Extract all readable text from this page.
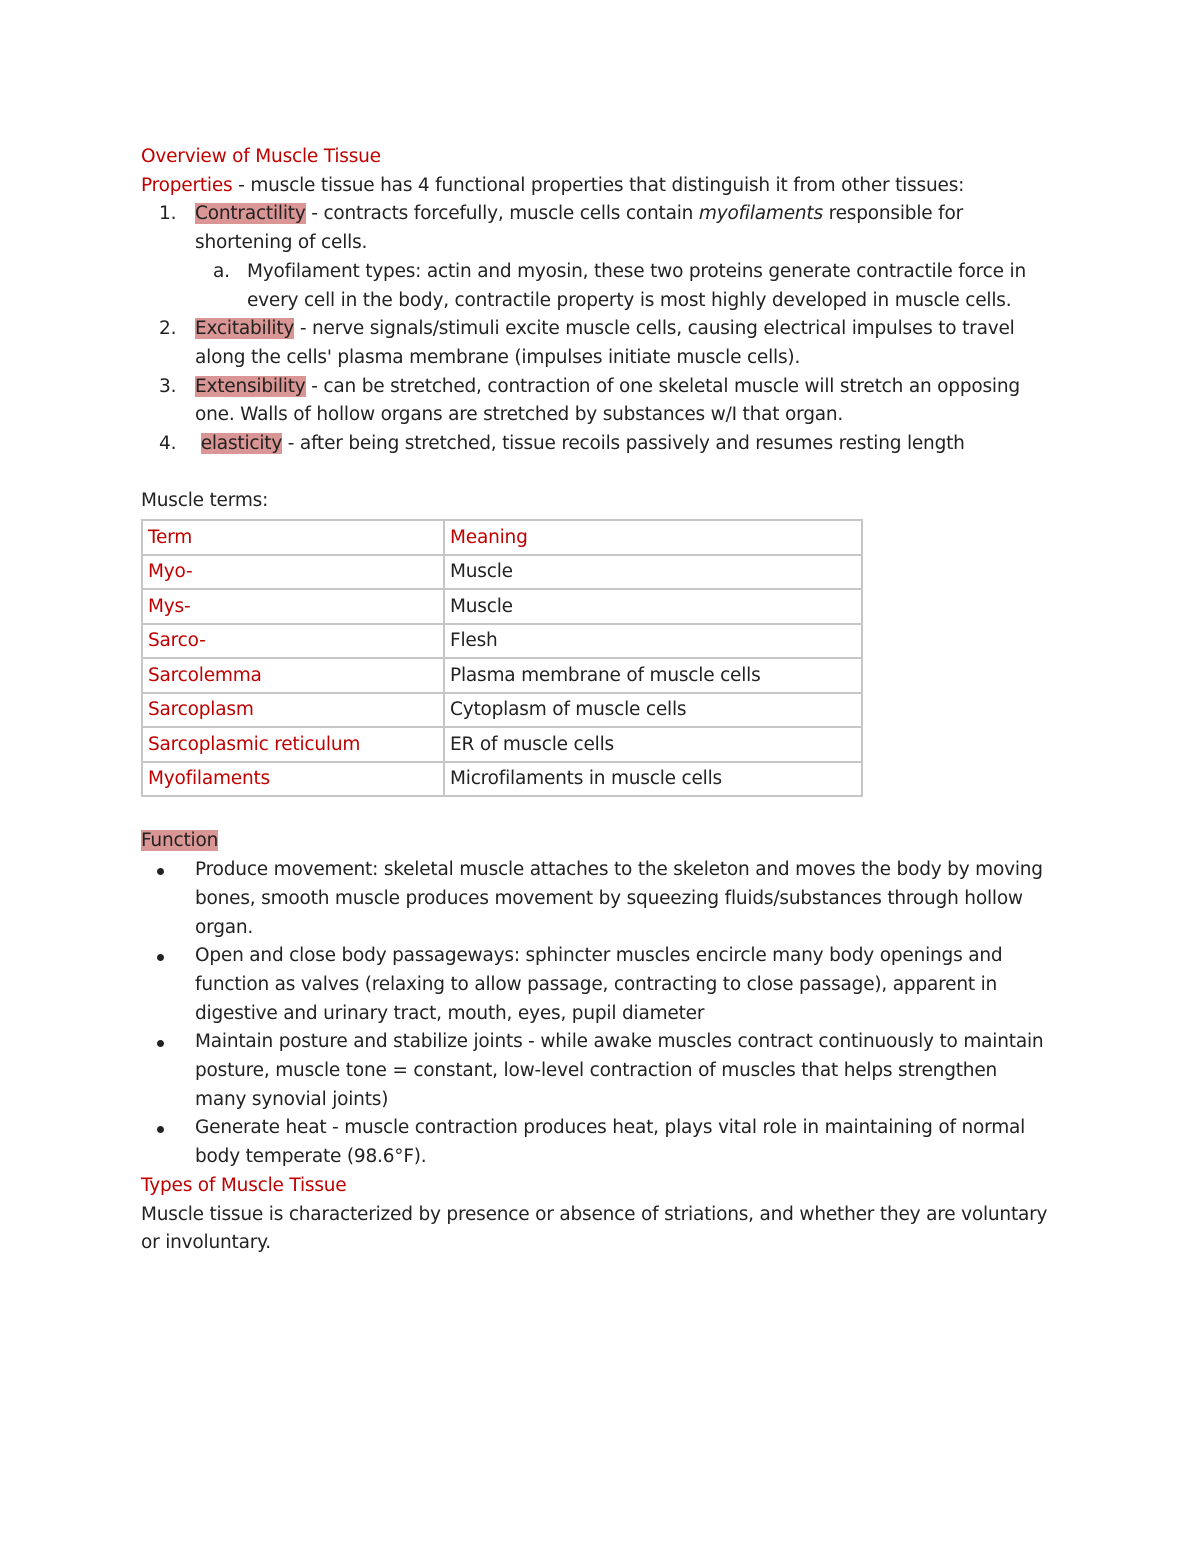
Overview of Muscle Tissue

Properties - muscle tissue has 4 functional properties that distinguish it from other tissues:

1. Contractility - contracts forcefully, muscle cells contain myofilaments responsible for

shortening of cells.

a. Myofilament types: actin and myosin, these two proteins generate contractile force in

every cell in the body, contractile property is most highly developed in muscle cells.

2. Excitability - nerve signals/stimuli excite muscle cells, causing electrical impulses to travel

along the cells' plasma membrane (impulses initiate muscle cells).

3. Extensibility - can be stretched, contraction of one skeletal muscle will stretch an opposing

one. Walls of hollow organs are stretched by substances w/I that organ.

4.	elasticity - after being stretched, tissue recoils passively and resumes resting length

Muscle terms:

Term	Meaning
Myo-	Muscle
Mys-	Muscle
Sarco-	Flesh
Sarcolemma	Plasma membrane of muscle cells
Sarcoplasm	Cytoplasm of muscle cells
Sarcoplasmic reticulum	ER of muscle cells
Myofilaments	Microfilaments in muscle cells

Function

Produce movement: skeletal muscle attaches to the skeleton and moves the body by moving

bones, smooth muscle produces movement by squeezing fluids/substances through hollow

organ.

Open and close body passageways: sphincter muscles encircle many body openings and

function as valves (relaxing to allow passage, contracting to close passage), apparent in

digestive and urinary tract, mouth, eyes, pupil diameter

Maintain posture and stabilize joints - while awake muscles contract continuously to maintain

posture, muscle tone = constant, low-level contraction of muscles that helps strengthen

many synovial joints)

Generate heat - muscle contraction produces heat, plays vital role in maintaining of normal

body temperate (98.6°F).

Types of Muscle Tissue

Muscle tissue is characterized by presence or absence of striations, and whether they are voluntary

or involuntary.
